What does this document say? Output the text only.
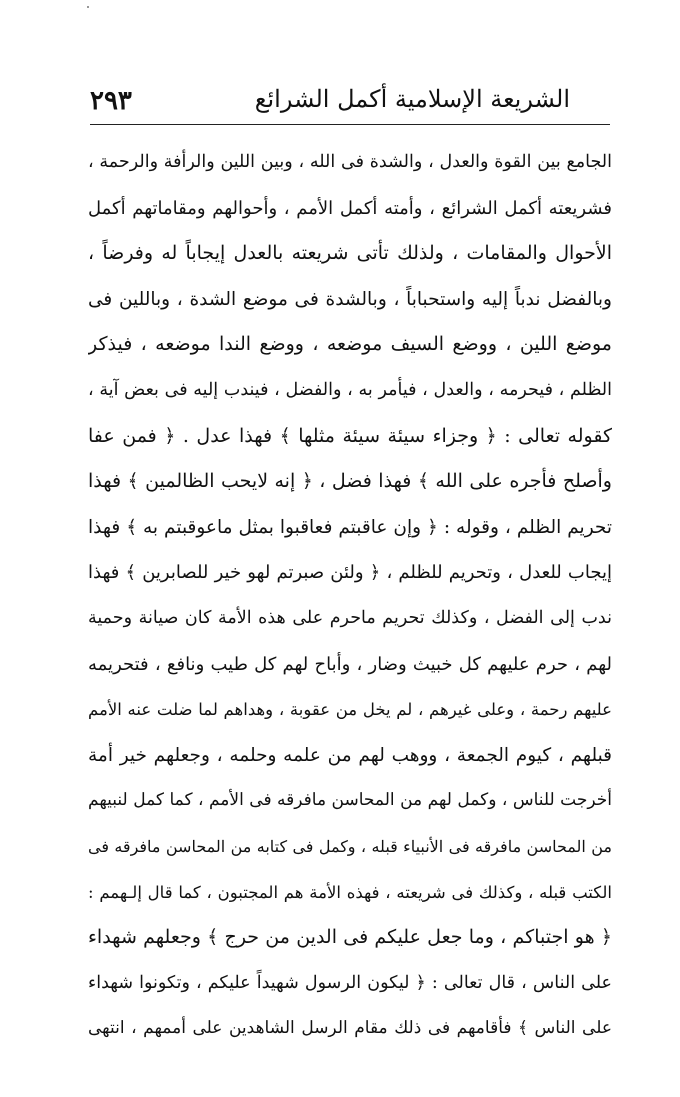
الشريعة الإسلامية أكمل الشرائع
٢٩٣
الجامع بين القوة والعدل ، والشدة فى الله ، وبين اللين والرأفة والرحمة ،
فشريعته أكمل الشرائع ، وأمته أكمل الأمم ، وأحوالهم ومقاماتهم أكمل
الأحوال والمقامات ، ولذلك تأتى شريعته بالعدل إيجاباً له وفرضاً ،
وبالفضل ندباً إليه واستحباباً ، وبالشدة فى موضع الشدة ، وباللين فى
موضع اللين ، ووضع السيف موضعه ، ووضع الندا موضعه ، فيذكر
الظلم ، فيحرمه ، والعدل ، فيأمر به ، والفضل ، فيندب إليه فى بعض آية ،
كقوله تعالى : ﴿ وجزاء سيئة سيئة مثلها ﴾ فهذا عدل . ﴿ فمن عفا
وأصلح فأجره على الله ﴾ فهذا فضل ، ﴿ إنه لايحب الظالمين ﴾ فهذا
تحريم الظلم ، وقوله : ﴿ وإن عاقبتم فعاقبوا بمثل ماعوقبتم به ﴾ فهذا
إيجاب للعدل ، وتحريم للظلم ، ﴿ ولئن صبرتم لهو خير للصابرين ﴾ فهذا
ندب إلى الفضل ، وكذلك تحريم ماحرم على هذه الأمة كان صيانة وحمية
لهم ، حرم عليهم كل خبيث وضار ، وأباح لهم كل طيب ونافع ، فتحريمه
عليهم رحمة ، وعلى غيرهم ، لم يخل من عقوبة ، وهداهم لما ضلت عنه الأمم
قبلهم ، كيوم الجمعة ، ووهب لهم من علمه وحلمه ، وجعلهم خير أمة
أخرجت للناس ، وكمل لهم من المحاسن مافرقه فى الأمم ، كما كمل لنبيهم
من المحاسن مافرقه فى الأنبياء قبله ، وكمل فى كتابه من المحاسن مافرقه فى
الكتب قبله ، وكذلك فى شريعته ، فهذه الأمة هم المجتبون ، كما قال إلـهمم :
﴿ هو اجتباكم ، وما جعل عليكم فى الدين من حرج ﴾ وجعلهم شهداء
على الناس ، قال تعالى : ﴿ ليكون الرسول شهيداً عليكم ، وتكونوا شهداء
على الناس ﴾ فأقامهم فى ذلك مقام الرسل الشاهدين على أممهم ، انتهى
